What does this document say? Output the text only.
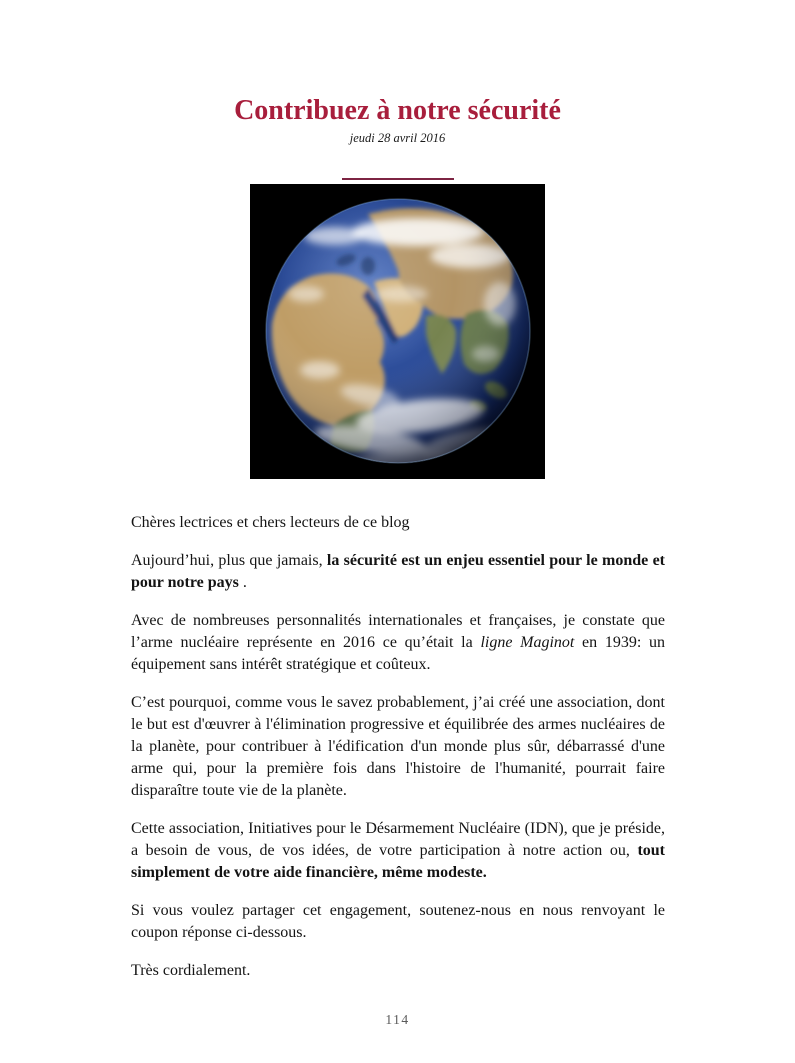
Contribuez à notre sécurité
jeudi 28 avril 2016

Chères lectrices et chers lecteurs de ce blog

Aujourd’hui, plus que jamais, la sécurité est un enjeu essentiel pour le monde et pour notre pays .

Avec de nombreuses personnalités internationales et françaises, je constate que l’arme nucléaire représente en 2016 ce qu’était la ligne Maginot en 1939: un équipement sans intérêt stratégique et coûteux.

C’est pourquoi, comme vous le savez probablement, j’ai créé une association, dont le but est d'œuvrer à l'élimination progressive et équilibrée des armes nucléaires de la planète, pour contribuer à l'édification d'un monde plus sûr, débarrassé d'une arme qui, pour la première fois dans l'histoire de l'humanité, pourrait faire disparaître toute vie de la planète.

Cette association, Initiatives pour le Désarmement Nucléaire (IDN), que je préside, a besoin de vous, de vos idées, de votre participation à notre action ou, tout simplement de votre aide financière, même modeste.

Si vous voulez partager cet engagement, soutenez-nous en nous renvoyant le coupon réponse ci-dessous.

Très cordialement.

114
